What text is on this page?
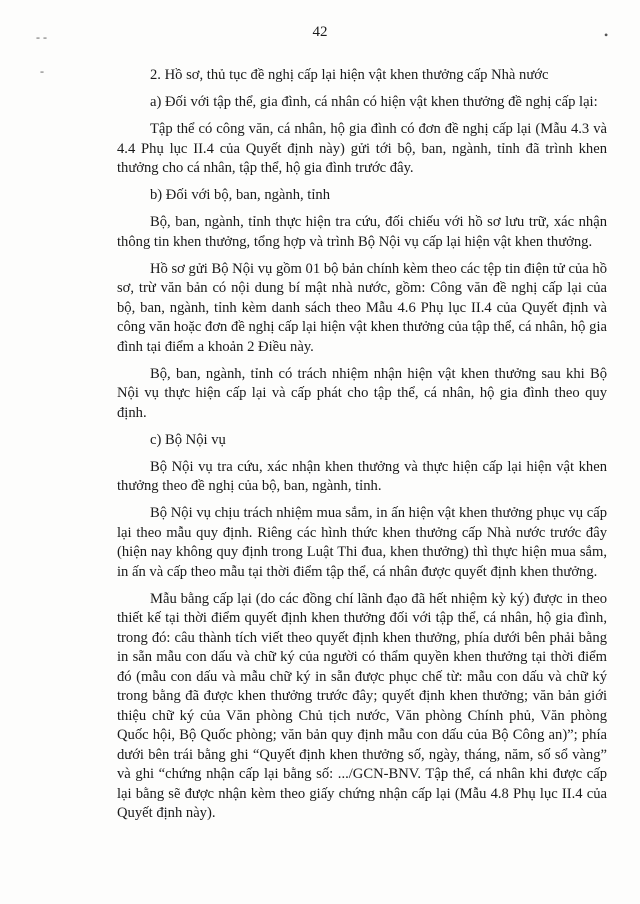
- -
-
•
42

2. Hồ sơ, thủ tục đề nghị cấp lại hiện vật khen thưởng cấp Nhà nước

a) Đối với tập thể, gia đình, cá nhân có hiện vật khen thưởng đề nghị cấp lại:

Tập thể có công văn, cá nhân, hộ gia đình có đơn đề nghị cấp lại (Mẫu 4.3 và 4.4 Phụ lục II.4 của Quyết định này) gửi tới bộ, ban, ngành, tỉnh đã trình khen thưởng cho cá nhân, tập thể, hộ gia đình trước đây.

b) Đối với bộ, ban, ngành, tỉnh

Bộ, ban, ngành, tỉnh thực hiện tra cứu, đối chiếu với hồ sơ lưu trữ, xác nhận thông tin khen thưởng, tổng hợp và trình Bộ Nội vụ cấp lại hiện vật khen thưởng.

Hồ sơ gửi Bộ Nội vụ gồm 01 bộ bản chính kèm theo các tệp tin điện tử của hồ sơ, trừ văn bản có nội dung bí mật nhà nước, gồm: Công văn đề nghị cấp lại của bộ, ban, ngành, tỉnh kèm danh sách theo Mẫu 4.6 Phụ lục II.4 của Quyết định và công văn hoặc đơn đề nghị cấp lại hiện vật khen thưởng của tập thể, cá nhân, hộ gia đình tại điểm a khoản 2 Điều này.

Bộ, ban, ngành, tỉnh có trách nhiệm nhận hiện vật khen thưởng sau khi Bộ Nội vụ thực hiện cấp lại và cấp phát cho tập thể, cá nhân, hộ gia đình theo quy định.

c) Bộ Nội vụ

Bộ Nội vụ tra cứu, xác nhận khen thưởng và thực hiện cấp lại hiện vật khen thưởng theo đề nghị của bộ, ban, ngành, tỉnh.

Bộ Nội vụ chịu trách nhiệm mua sắm, in ấn hiện vật khen thưởng phục vụ cấp lại theo mẫu quy định. Riêng các hình thức khen thưởng cấp Nhà nước trước đây (hiện nay không quy định trong Luật Thi đua, khen thưởng) thì thực hiện mua sắm, in ấn và cấp theo mẫu tại thời điểm tập thể, cá nhân được quyết định khen thưởng.

Mẫu bằng cấp lại (do các đồng chí lãnh đạo đã hết nhiệm kỳ ký) được in theo thiết kế tại thời điểm quyết định khen thưởng đối với tập thể, cá nhân, hộ gia đình, trong đó: câu thành tích viết theo quyết định khen thưởng, phía dưới bên phải bằng in sẵn mẫu con dấu và chữ ký của người có thẩm quyền khen thưởng tại thời điểm đó (mẫu con dấu và mẫu chữ ký in sẵn được phục chế từ: mẫu con dấu và chữ ký trong bằng đã được khen thưởng trước đây; quyết định khen thưởng; văn bản giới thiệu chữ ký của Văn phòng Chủ tịch nước, Văn phòng Chính phủ, Văn phòng Quốc hội, Bộ Quốc phòng; văn bản quy định mẫu con dấu của Bộ Công an)”; phía dưới bên trái bằng ghi “Quyết định khen thưởng số, ngày, tháng, năm, số sổ vàng” và ghi “chứng nhận cấp lại bằng số: .../GCN-BNV. Tập thể, cá nhân khi được cấp lại bằng sẽ được nhận kèm theo giấy chứng nhận cấp lại (Mẫu 4.8 Phụ lục II.4 của Quyết định này).
